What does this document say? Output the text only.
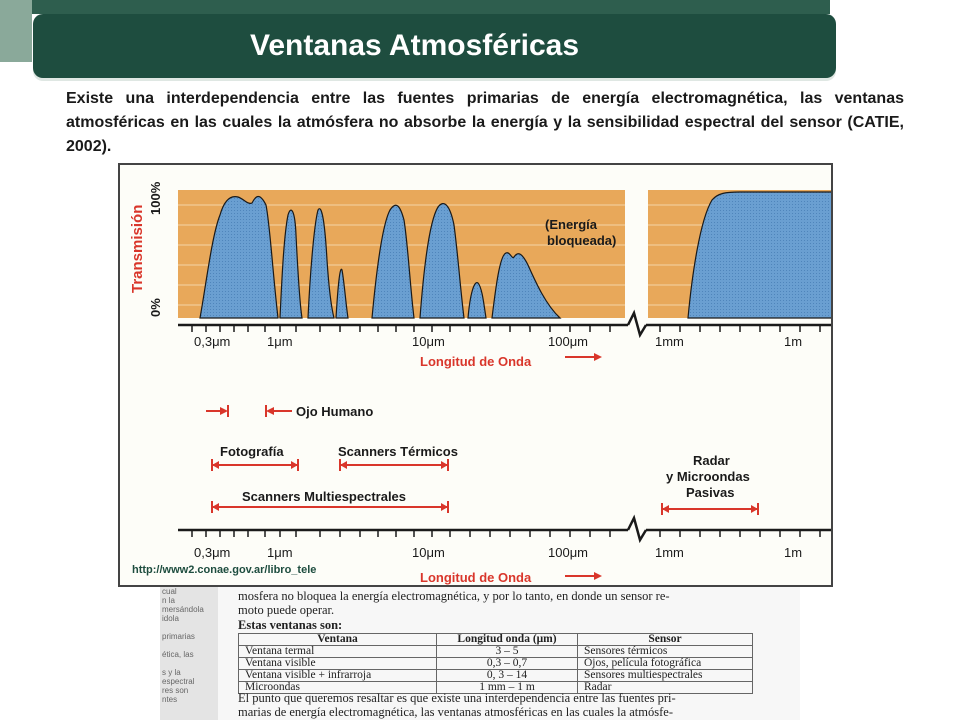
Ventanas Atmosféricas
Existe una interdependencia entre las fuentes primarias de energía electromagnética, las ventanas atmosféricas en las cuales la atmósfera no absorbe la energía y la sensibilidad espectral del sensor (CATIE, 2002).
Transmisión
100%
0%
(Energía
bloqueada)
0,3μm	1μm	10μm	100μm	1mm	1m
Longitud de Onda
Ojo Humano
Fotografía	Scanners Térmicos
Scanners Multiespectrales
Radar
y Microondas
Pasivas
0,3μm	1μm	10μm	100μm	1mm	1m
Longitud de Onda
http://www2.conae.gov.ar/libro_tele
cual
n la
mersándola
idola

primarias

ética, las

s y la
espectral
res son
ntes
mosfera no bloquea la energía electromagnética, y por lo tanto, en donde un sensor re-
moto puede operar.
Estas ventanas son:
Ventana	Longitud onda (μm)	Sensor
Ventana termal	3 – 5	Sensores térmicos
Ventana visible	0,3 – 0,7	Ojos, película fotográfica
Ventana visible + infrarroja	0, 3 – 14	Sensores multiespectrales
Microondas	1 mm – 1 m	Radar
El punto que queremos resaltar es que existe una interdependencia entre las fuentes pri-
marias de energía electromagnética, las ventanas atmosféricas en las cuales la atmósfe-
